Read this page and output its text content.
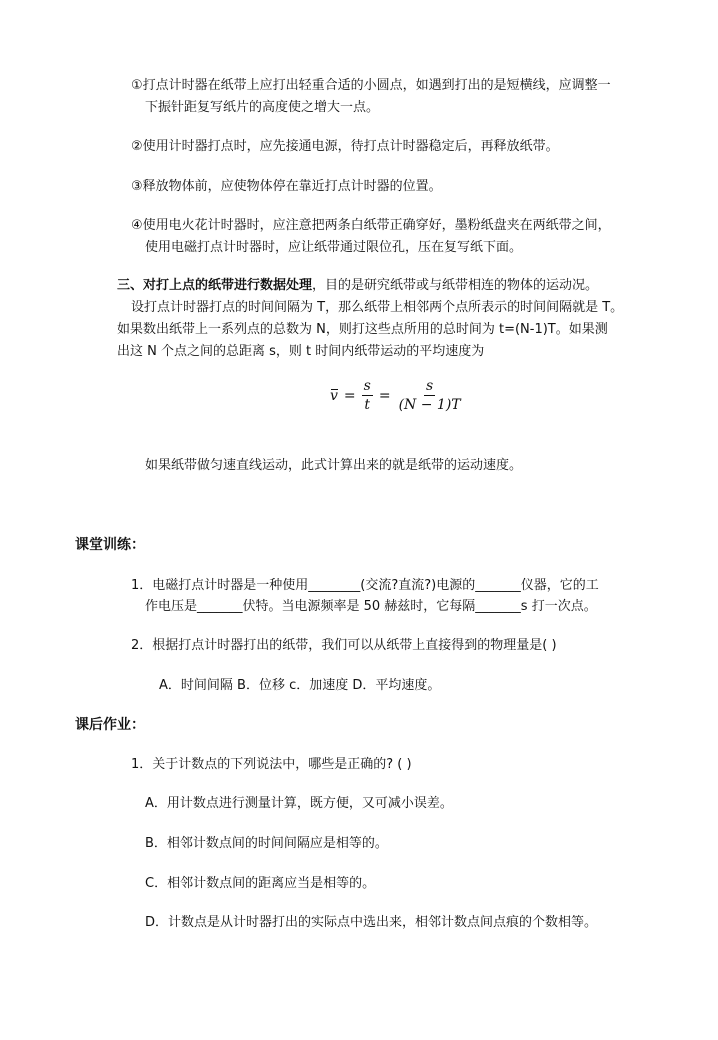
①打点计时器在纸带上应打出轻重合适的小圆点，如遇到打出的是短横线，应调整一
下振针距复写纸片的高度使之增大一点。
②使用计时器打点时，应先接通电源，待打点计时器稳定后，再释放纸带。
③释放物体前，应使物体停在靠近打点计时器的位置。
④使用电火花计时器时，应注意把两条白纸带正确穿好，墨粉纸盘夹在两纸带之间，
使用电磁打点计时器时，应让纸带通过限位孔，压在复写纸下面。
三、对打上点的纸带进行数据处理，目的是研究纸带或与纸带相连的物体的运动况。
设打点计时器打点的时间间隔为 T，那么纸带上相邻两个点所表示的时间间隔就是 T。
如果数出纸带上一系列点的总数为 N，则打这些点所用的总时间为 t=(N-1)T。如果测
出这 N 个点之间的总距离 s，则 t 时间内纸带运动的平均速度为
$v = \frac{s}{t} = \frac{s}{(N - 1)T}$
如果纸带做匀速直线运动，此式计算出来的就是纸带的运动速度。
课堂训练：
1．电磁打点计时器是一种使用________(交流?直流?)电源的_______仪器，它的工
作电压是_______伏特。当电源频率是 50 赫兹时，它每隔_______s 打一次点。
2．根据打点计时器打出的纸带，我们可以从纸带上直接得到的物理量是( )
A．时间间隔 B．位移 c．加速度 D．平均速度。
课后作业：
1．关于计数点的下列说法中，哪些是正确的? ( )
A．用计数点进行测量计算，既方便，又可减小误差。
B．相邻计数点间的时间间隔应是相等的。
C．相邻计数点间的距离应当是相等的。
D．计数点是从计时器打出的实际点中选出来，相邻计数点间点痕的个数相等。
